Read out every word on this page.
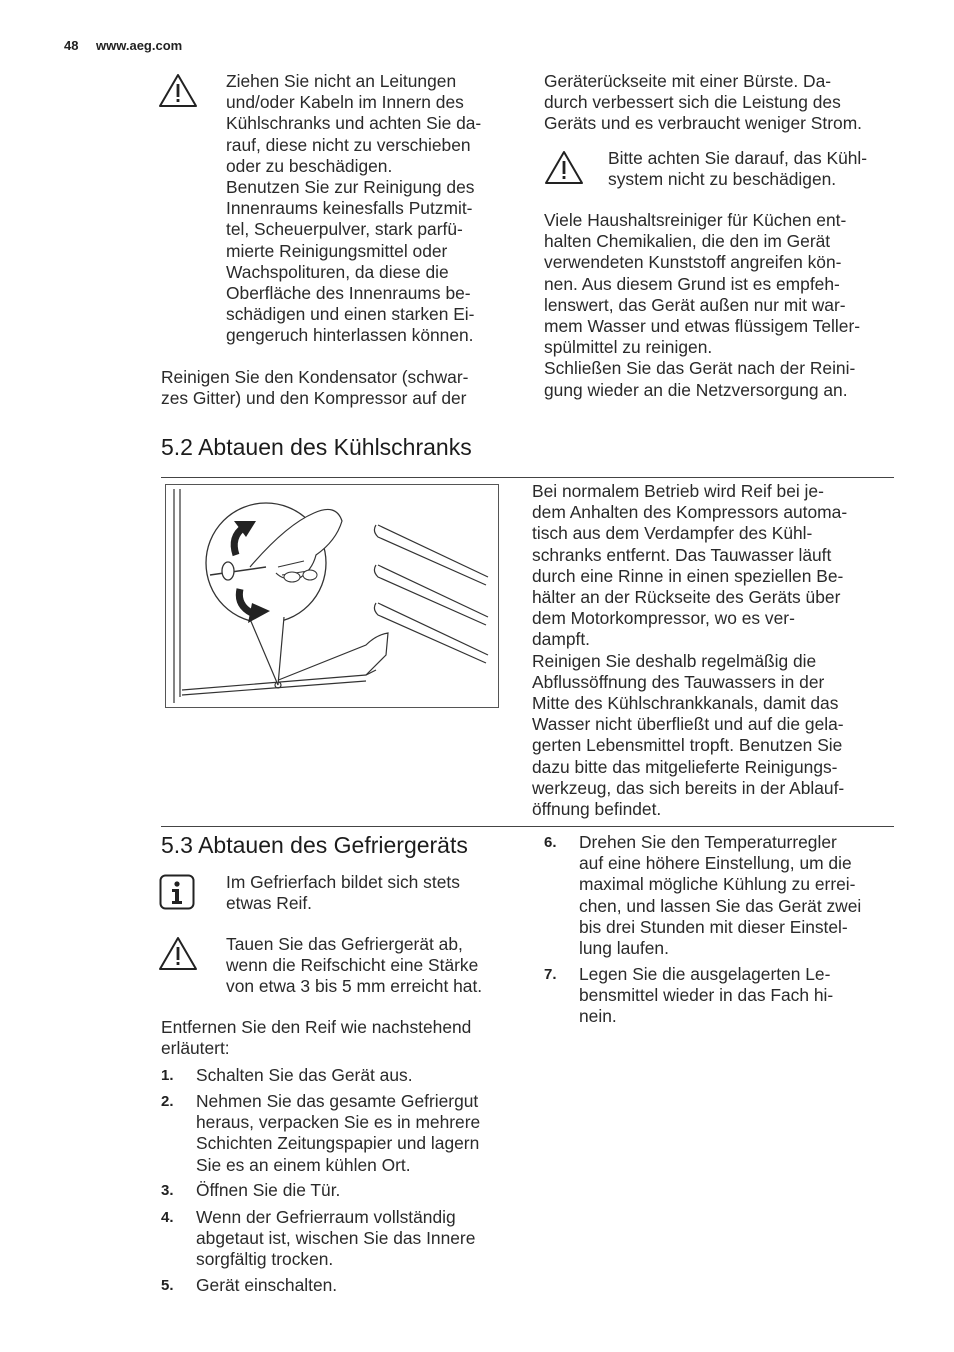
48 www.aeg.com
Ziehen Sie nicht an Leitungen
und/oder Kabeln im Innern des
Kühlschranks und achten Sie da-
rauf, diese nicht zu verschieben
oder zu beschädigen.
Benutzen Sie zur Reinigung des
Innenraums keinesfalls Putzmit-
tel, Scheuerpulver, stark parfü-
mierte Reinigungsmittel oder
Wachspolituren, da diese die
Oberfläche des Innenraums be-
schädigen und einen starken Ei-
gengeruch hinterlassen können.
Reinigen Sie den Kondensator (schwar-
zes Gitter) und den Kompressor auf der
Geräterückseite mit einer Bürste. Da-
durch verbessert sich die Leistung des
Geräts und es verbraucht weniger Strom.
Bitte achten Sie darauf, das Kühl-
system nicht zu beschädigen.
Viele Haushaltsreiniger für Küchen ent-
halten Chemikalien, die den im Gerät
verwendeten Kunststoff angreifen kön-
nen. Aus diesem Grund ist es empfeh-
lenswert, das Gerät außen nur mit war-
mem Wasser und etwas flüssigem Teller-
spülmittel zu reinigen.
Schließen Sie das Gerät nach der Reini-
gung wieder an die Netzversorgung an.
5.2 Abtauen des Kühlschranks
Bei normalem Betrieb wird Reif bei je-
dem Anhalten des Kompressors automa-
tisch aus dem Verdampfer des Kühl-
schranks entfernt. Das Tauwasser läuft
durch eine Rinne in einen speziellen Be-
hälter an der Rückseite des Geräts über
dem Motorkompressor, wo es ver-
dampft.
Reinigen Sie deshalb regelmäßig die
Abflussöffnung des Tauwassers in der
Mitte des Kühlschrankkanals, damit das
Wasser nicht überfließt und auf die gela-
gerten Lebensmittel tropft. Benutzen Sie
dazu bitte das mitgelieferte Reinigungs-
werkzeug, das sich bereits in der Ablauf-
öffnung befindet.
5.3 Abtauen des Gefriergeräts
Im Gefrierfach bildet sich stets
etwas Reif.
Tauen Sie das Gefriergerät ab,
wenn die Reifschicht eine Stärke
von etwa 3 bis 5 mm erreicht hat.
Entfernen Sie den Reif wie nachstehend
erläutert:
1. Schalten Sie das Gerät aus.
2. Nehmen Sie das gesamte Gefriergut
heraus, verpacken Sie es in mehrere
Schichten Zeitungspapier und lagern
Sie es an einem kühlen Ort.
3. Öffnen Sie die Tür.
4. Wenn der Gefrierraum vollständig
abgetaut ist, wischen Sie das Innere
sorgfältig trocken.
5. Gerät einschalten.
6. Drehen Sie den Temperaturregler
auf eine höhere Einstellung, um die
maximal mögliche Kühlung zu errei-
chen, und lassen Sie das Gerät zwei
bis drei Stunden mit dieser Einstel-
lung laufen.
7. Legen Sie die ausgelagerten Le-
bensmittel wieder in das Fach hi-
nein.
